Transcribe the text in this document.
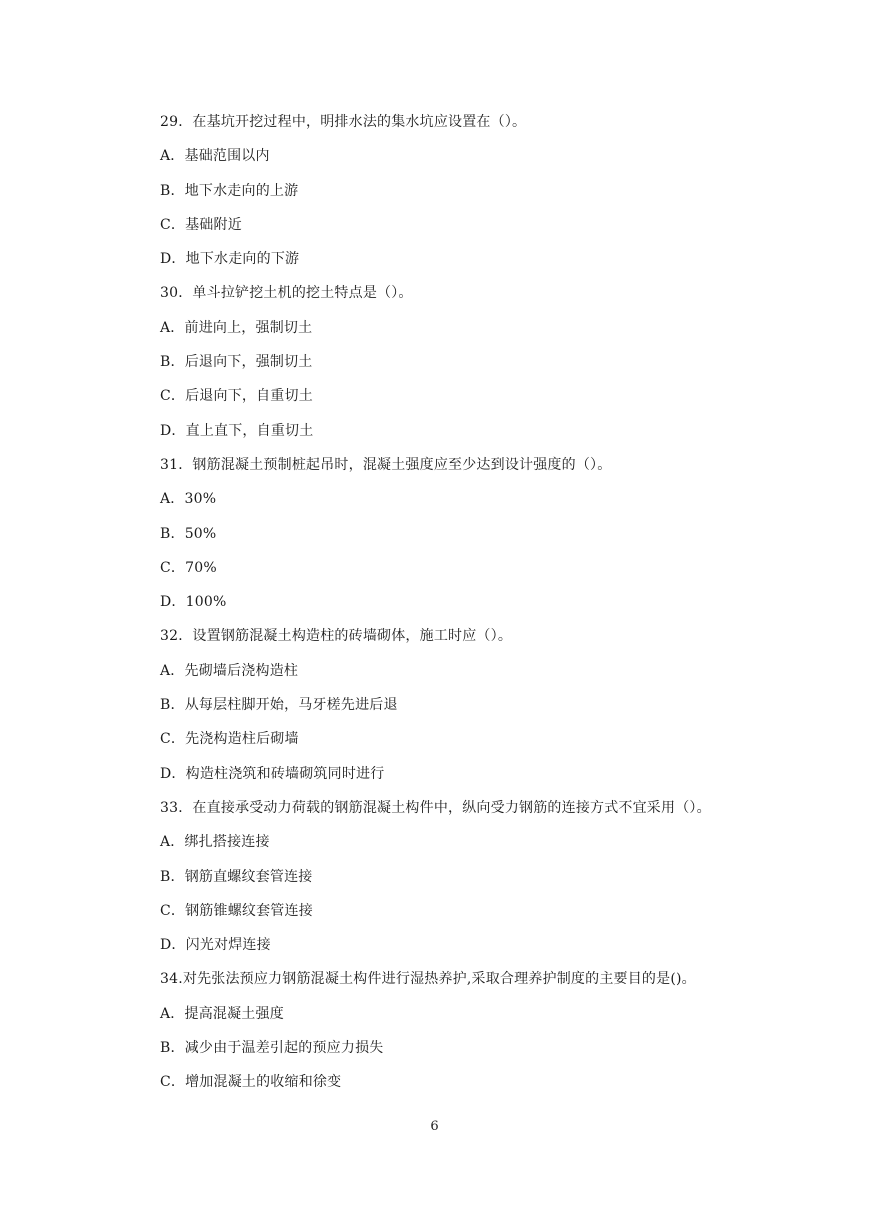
29．在基坑开挖过程中，明排水法的集水坑应设置在（）。
A．基础范围以内
B．地下水走向的上游
C．基础附近
D．地下水走向的下游
30．单斗拉铲挖土机的挖土特点是（）。
A．前进向上，强制切土
B．后退向下，强制切土
C．后退向下，自重切土
D．直上直下，自重切土
31．钢筋混凝土预制桩起吊时，混凝土强度应至少达到设计强度的（）。
A．30%
B．50%
C．70%
D．100%
32．设置钢筋混凝土构造柱的砖墙砌体，施工时应（）。
A．先砌墙后浇构造柱
B．从每层柱脚开始，马牙槎先进后退
C．先浇构造柱后砌墙
D．构造柱浇筑和砖墙砌筑同时进行
33．在直接承受动力荷载的钢筋混凝土构件中，纵向受力钢筋的连接方式不宜采用（）。
A．绑扎搭接连接
B．钢筋直螺纹套管连接
C．钢筋锥螺纹套管连接
D．闪光对焊连接
34.对先张法预应力钢筋混凝土构件进行湿热养护,采取合理养护制度的主要目的是()。
A．提高混凝土强度
B．减少由于温差引起的预应力损失
C．增加混凝土的收缩和徐变
6
